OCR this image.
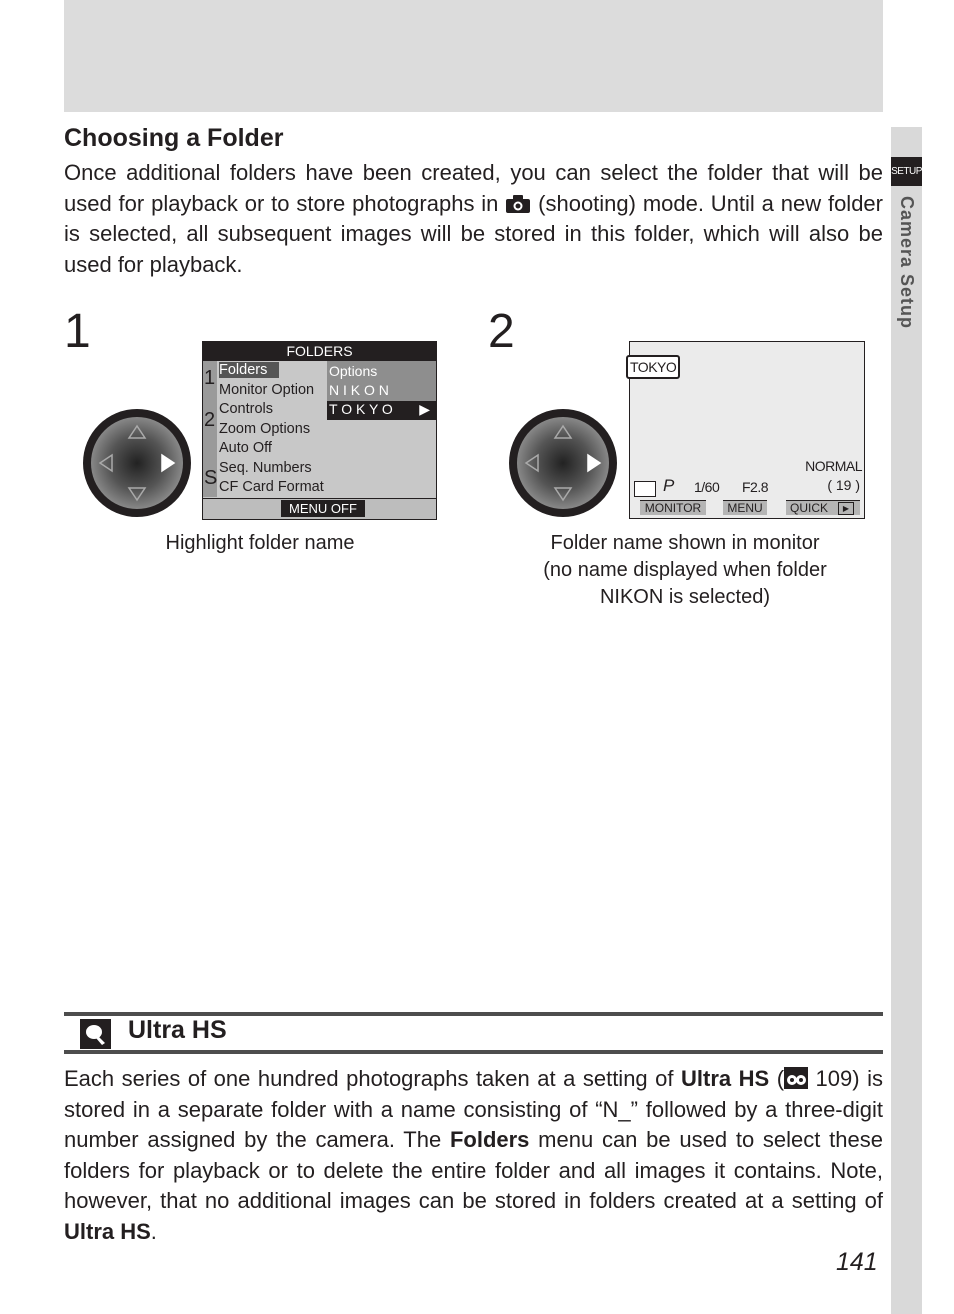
SETUP
Camera Setup
Choosing a Folder

Once additional folders have been created, you can select the folder that will be used for playback or to store photographs in (shooting) mode. Until a new folder is selected, all subsequent images will be stored in this folder, which will also be used for playback.

1	FOLDERS
1
2
S
Folders
Monitor Option
Controls
Zoom Options
Auto Off
Seq. Numbers
CF Card Format
Options
N I K O N
T O K Y O ▶
MENU OFF
Highlight folder name
2
TOKYO
NORMAL
( 19 )
P 1/60 F2.8
MONITOR	MENU	QUICK	▶
Folder name shown in monitor
(no name displayed when folder
NIKON is selected)
Ultra HS

Each series of one hundred photographs taken at a setting of Ultra HS ( 109) is stored in a separate folder with a name consisting of “N_” followed by a three-digit number assigned by the camera. The Folders menu can be used to select these folders for playback or to delete the entire folder and all images it contains. Note, however, that no additional images can be stored in folders created at a setting of Ultra HS.

141
